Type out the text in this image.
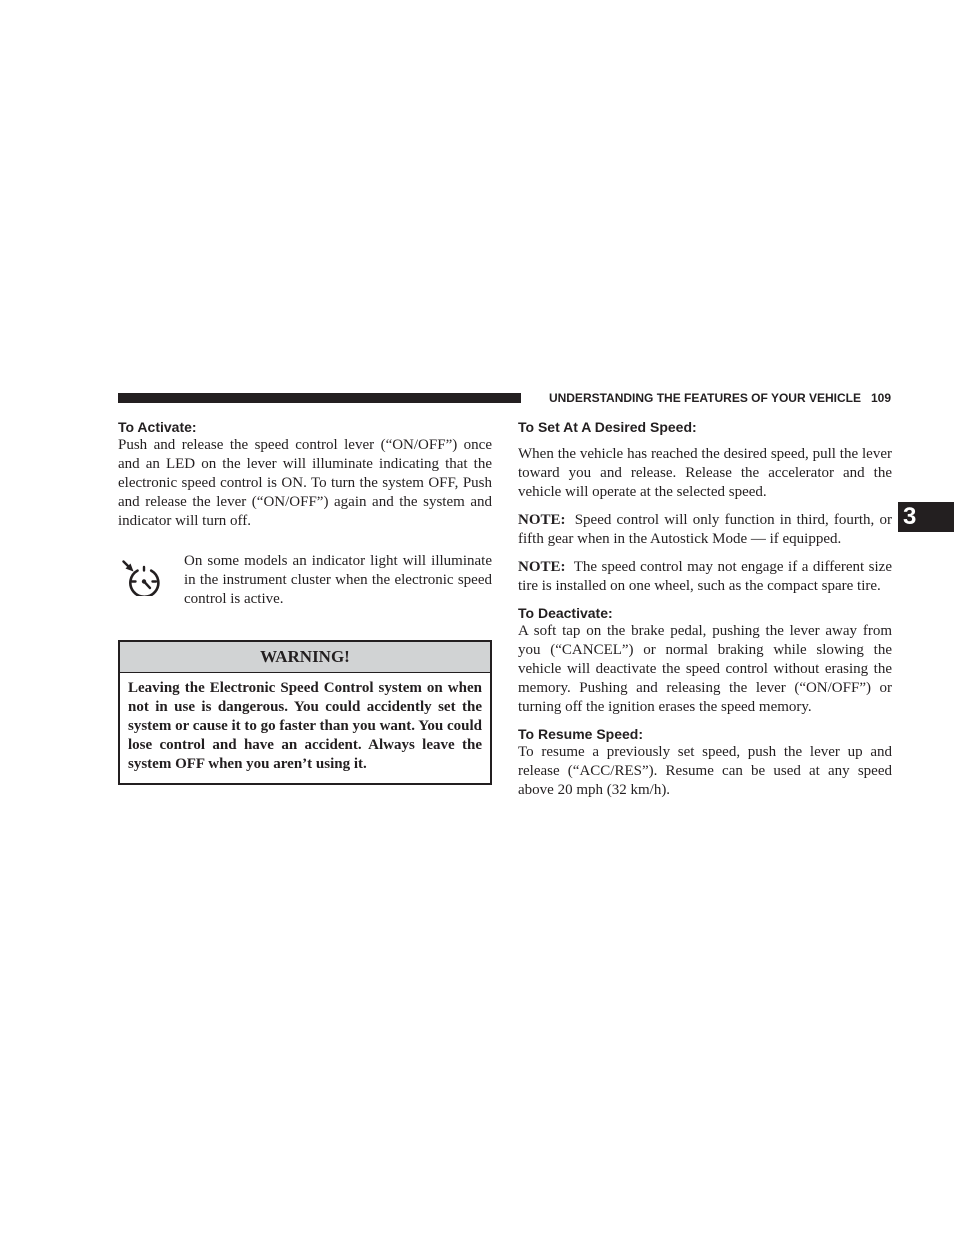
UNDERSTANDING THE FEATURES OF YOUR VEHICLE 109
3
To Activate:

Push and release the speed control lever (“ON/OFF”) once and an LED on the lever will illuminate indicating that the electronic speed control is ON. To turn the system OFF, Push and release the lever (“ON/OFF”) again and the system and indicator will turn off.

On some models an indicator light will illuminate in the instrument cluster when the electronic speed control is active.

WARNING!
Leaving the Electronic Speed Control system on when not in use is dangerous. You could accidently set the system or cause it to go faster than you want. You could lose control and have an accident. Always leave the system OFF when you aren’t using it.
To Set At A Desired Speed:

When the vehicle has reached the desired speed, pull the lever toward you and release. Release the accelerator and the vehicle will operate at the selected speed.

NOTE: Speed control will only function in third, fourth, or fifth gear when in the Autostick Mode — if equipped.

NOTE: The speed control may not engage if a different size tire is installed on one wheel, such as the compact spare tire.

To Deactivate:

A soft tap on the brake pedal, pushing the lever away from you (“CANCEL”) or normal braking while slowing the vehicle will deactivate the speed control without erasing the memory. Pushing and releasing the lever (“ON/OFF”) or turning off the ignition erases the speed memory.

To Resume Speed:

To resume a previously set speed, push the lever up and release (“ACC/RES”). Resume can be used at any speed above 20 mph (32 km/h).
